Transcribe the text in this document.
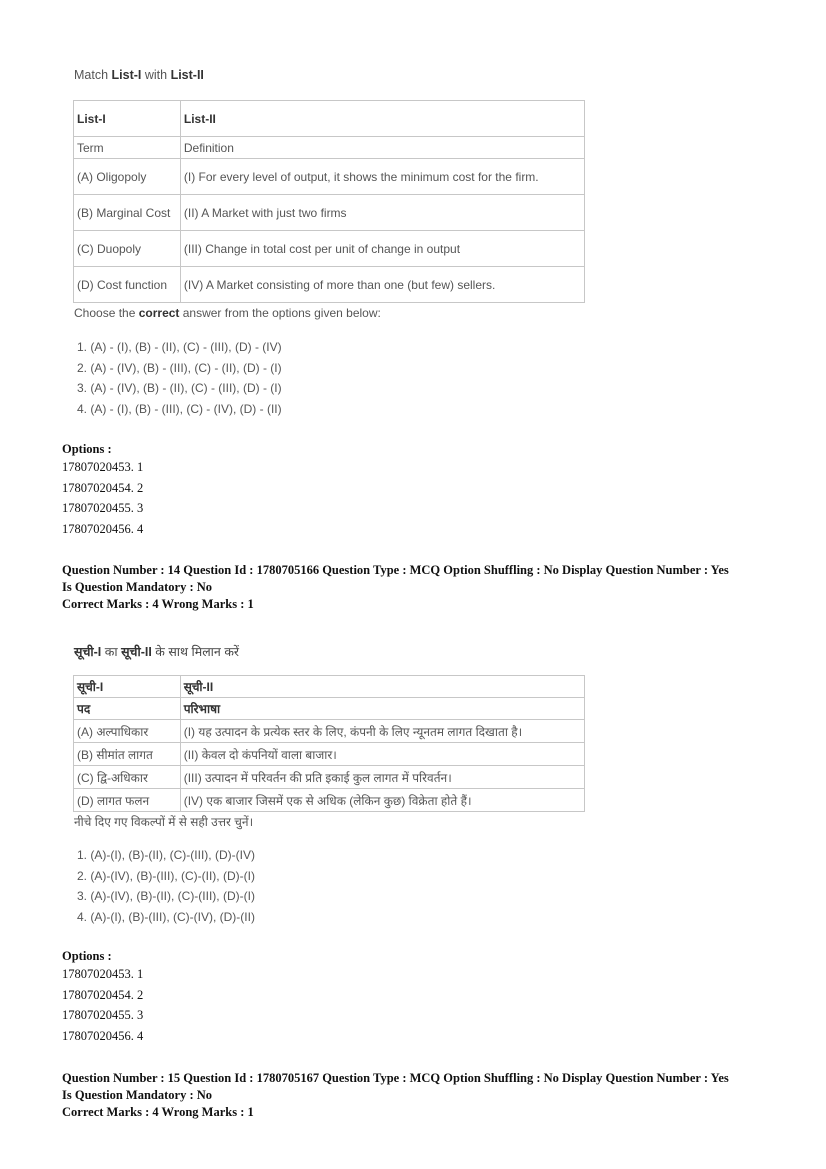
Match List-I with List-II
List-I	List-II
Term	Definition
(A) Oligopoly	(I) For every level of output, it shows the minimum cost for the firm.
(B) Marginal Cost	(II) A Market with just two firms
(C) Duopoly	(III) Change in total cost per unit of change in output
(D) Cost function	(IV) A Market consisting of more than one (but few) sellers.
Choose the correct answer from the options given below:
1. (A) - (I), (B) - (II), (C) - (III), (D) - (IV)
2. (A) - (IV), (B) - (III), (C) - (II), (D) - (I)
3. (A) - (IV), (B) - (II), (C) - (III), (D) - (I)
4. (A) - (I), (B) - (III), (C) - (IV), (D) - (II)
Options :
17807020453. 1
17807020454. 2
17807020455. 3
17807020456. 4
Question Number : 14 Question Id : 1780705166 Question Type : MCQ Option Shuffling : No Display Question Number : Yes
Is Question Mandatory : No
Correct Marks : 4 Wrong Marks : 1
सूची-I का सूची-II के साथ मिलान करें
सूची-I	सूची-II
पद	परिभाषा
(A) अल्पाधिकार	(I) यह उत्पादन के प्रत्येक स्तर के लिए, कंपनी के लिए न्यूनतम लागत दिखाता है।
(B) सीमांत लागत	(II) केवल दो कंपनियों वाला बाजार।
(C) द्वि-अधिकार	(III) उत्पादन में परिवर्तन की प्रति इकाई कुल लागत में परिवर्तन।
(D) लागत फलन	(IV) एक बाजार जिसमें एक से अधिक (लेकिन कुछ) विक्रेता होते हैं।
नीचे दिए गए विकल्पों में से सही उत्तर चुनें।
1. (A)-(I), (B)-(II), (C)-(III), (D)-(IV)
2. (A)-(IV), (B)-(III), (C)-(II), (D)-(I)
3. (A)-(IV), (B)-(II), (C)-(III), (D)-(I)
4. (A)-(I), (B)-(III), (C)-(IV), (D)-(II)
Options :
17807020453. 1
17807020454. 2
17807020455. 3
17807020456. 4
Question Number : 15 Question Id : 1780705167 Question Type : MCQ Option Shuffling : No Display Question Number : Yes
Is Question Mandatory : No
Correct Marks : 4 Wrong Marks : 1
